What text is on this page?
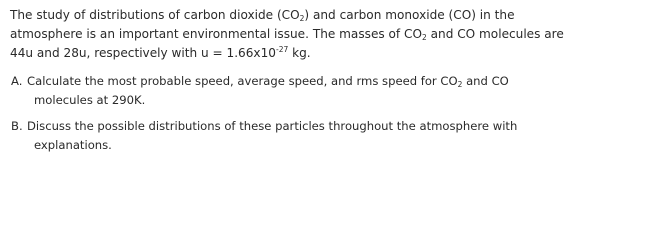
The study of distributions of carbon dioxide $(CO_2)$ and carbon monoxide (CO) in the
atmosphere is an important environmental issue. The masses of $CO_2$ and CO molecules are
44u and 28u, respectively with $u = 1.66x10^{-27}$ kg.

A. Calculate the most probable speed, average speed, and rms speed for $CO_2$ and CO
molecules at 290K.
B. Discuss the possible distributions of these particles throughout the atmosphere with
explanations.
